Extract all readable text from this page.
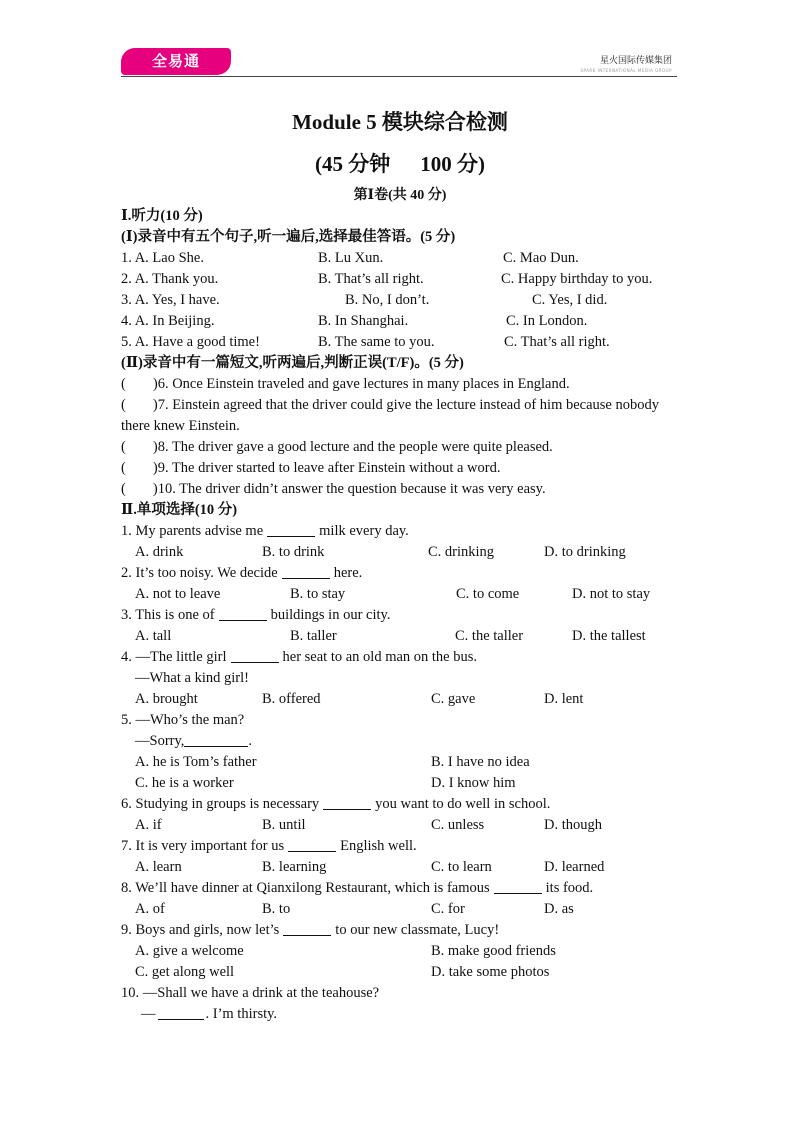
全易通	星火国际传媒集团
SPARK INTERNATIONAL MEDIA GROUP
Module 5 模块综合检测
(45 分钟 100 分)
第Ⅰ卷(共 40 分)
Ⅰ.听力(10 分)
(Ⅰ)录音中有五个句子,听一遍后,选择最佳答语。(5 分)
1. A. Lao She.	B. Lu Xun.	C. Mao Dun.
2. A. Thank you.	B. That’s all right.	C. Happy birthday to you.
3. A. Yes, I have.	B. No, I don’t.	C. Yes, I did.
4. A. In Beijing.	B. In Shanghai.	C. In London.
5. A. Have a good time!	B. The same to you.	C. That’s all right.
(Ⅱ)录音中有一篇短文,听两遍后,判断正误(T/F)。(5 分)
( )6. Once Einstein traveled and gave lectures in many places in England.
( )7. Einstein agreed that the driver could give the lecture instead of him because nobody there knew Einstein.
( )8. The driver gave a good lecture and the people were quite pleased.
( )9. The driver started to leave after Einstein without a word.
( )10. The driver didn’t answer the question because it was very easy.
Ⅱ.单项选择(10 分)
1. My parents advise me	milk every day.
A. drink	B. to drink	C. drinking	D. to drinking
2. It’s too noisy. We decide	here.
A. not to leave	B. to stay	C. to come	D. not to stay
3. This is one of	buildings in our city.
A. tall	B. taller	C. the taller	D. the tallest
4. —The little girl	her seat to an old man on the bus.
—What a kind girl!
A. brought	B. offered	C. gave	D. lent
5. —Who’s the man?
—Sorry,	.
A. he is Tom’s father	B. I have no idea
C. he is a worker	D. I know him
6. Studying in groups is necessary	you want to do well in school.
A. if	B. until	C. unless	D. though
7. It is very important for us	English well.
A. learn	B. learning	C. to learn	D. learned
8. We’ll have dinner at Qianxilong Restaurant, which is famous	its food.
A. of	B. to	C. for	D. as
9. Boys and girls, now let’s	to our new classmate, Lucy!
A. give a welcome	B. make good friends
C. get along well	D. take some photos
10. —Shall we have a drink at the teahouse?
—	. I’m thirsty.
